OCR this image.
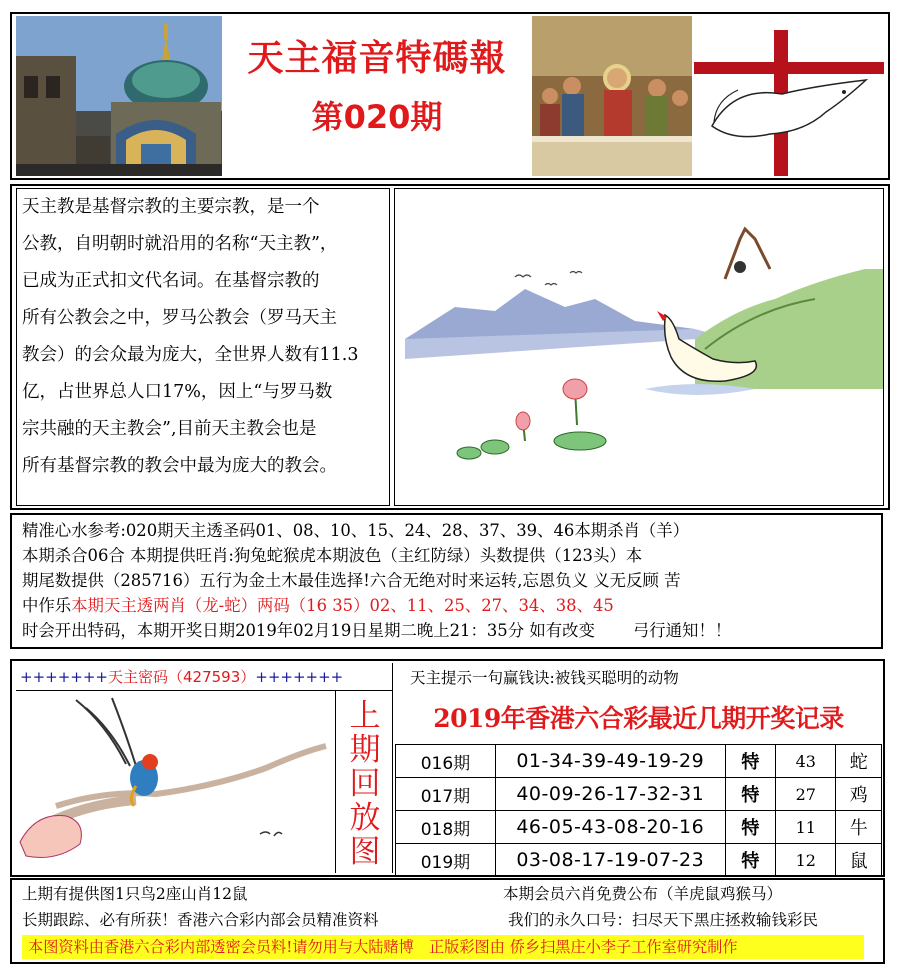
天主福音特碼報
第020期
天主教是基督宗教的主要宗教，是一个
公教，自明朝时就沿用的名称“天主教”，
已成为正式扣文代名词。在基督宗教的
所有公教会之中，罗马公教会（罗马天主
教会）的会众最为庞大，全世界人数有11.3
亿，占世界总人口17%，因上“与罗马数
宗共融的天主教会”,目前天主教会也是
所有基督宗教的教会中最为庞大的教会。
精准心水参考:020期天主透圣码01、08、10、15、24、28、37、39、46本期杀肖（羊）
本期杀合06合 本期提供旺肖:狗兔蛇猴虎本期波色（主红防绿）头数提供（123头）本
期尾数提供（285716）五行为金土木最佳选择!六合无绝对时来运转,忘恩负义 义无反顾 苦
中作乐本期天主透两肖（龙-蛇）两码（16 35）02、11、25、27、34、38、45
时会开出特码，本期开奖日期2019年02月19日星期二晚上21：35分 如有改变　　 弓行通知！！
+++++++天主密码（427593）+++++++	天主提示一句赢钱诀:被钱买聪明的动物
上
期
回
放
图
2019年香港六合彩最近几期开奖记录
016期	01-34-39-49-19-29	特	43	蛇
017期	40-09-26-17-32-31	特	27	鸡
018期	46-05-43-08-20-16	特	11	牛
019期	03-08-17-19-07-23	特	12	鼠
上期有提供图1只鸟2座山肖12鼠	本期会员六肖免费公布（羊虎鼠鸡猴马）
长期跟踪、必有所获！香港六合彩内部会员精准资料	我们的永久口号：扫尽天下黑庄拯救输钱彩民
本图资料由香港六合彩内部透密会员料!请勿用与大陆赌博　正版彩图由 侨乡扫黑庄小李子工作室研究制作
